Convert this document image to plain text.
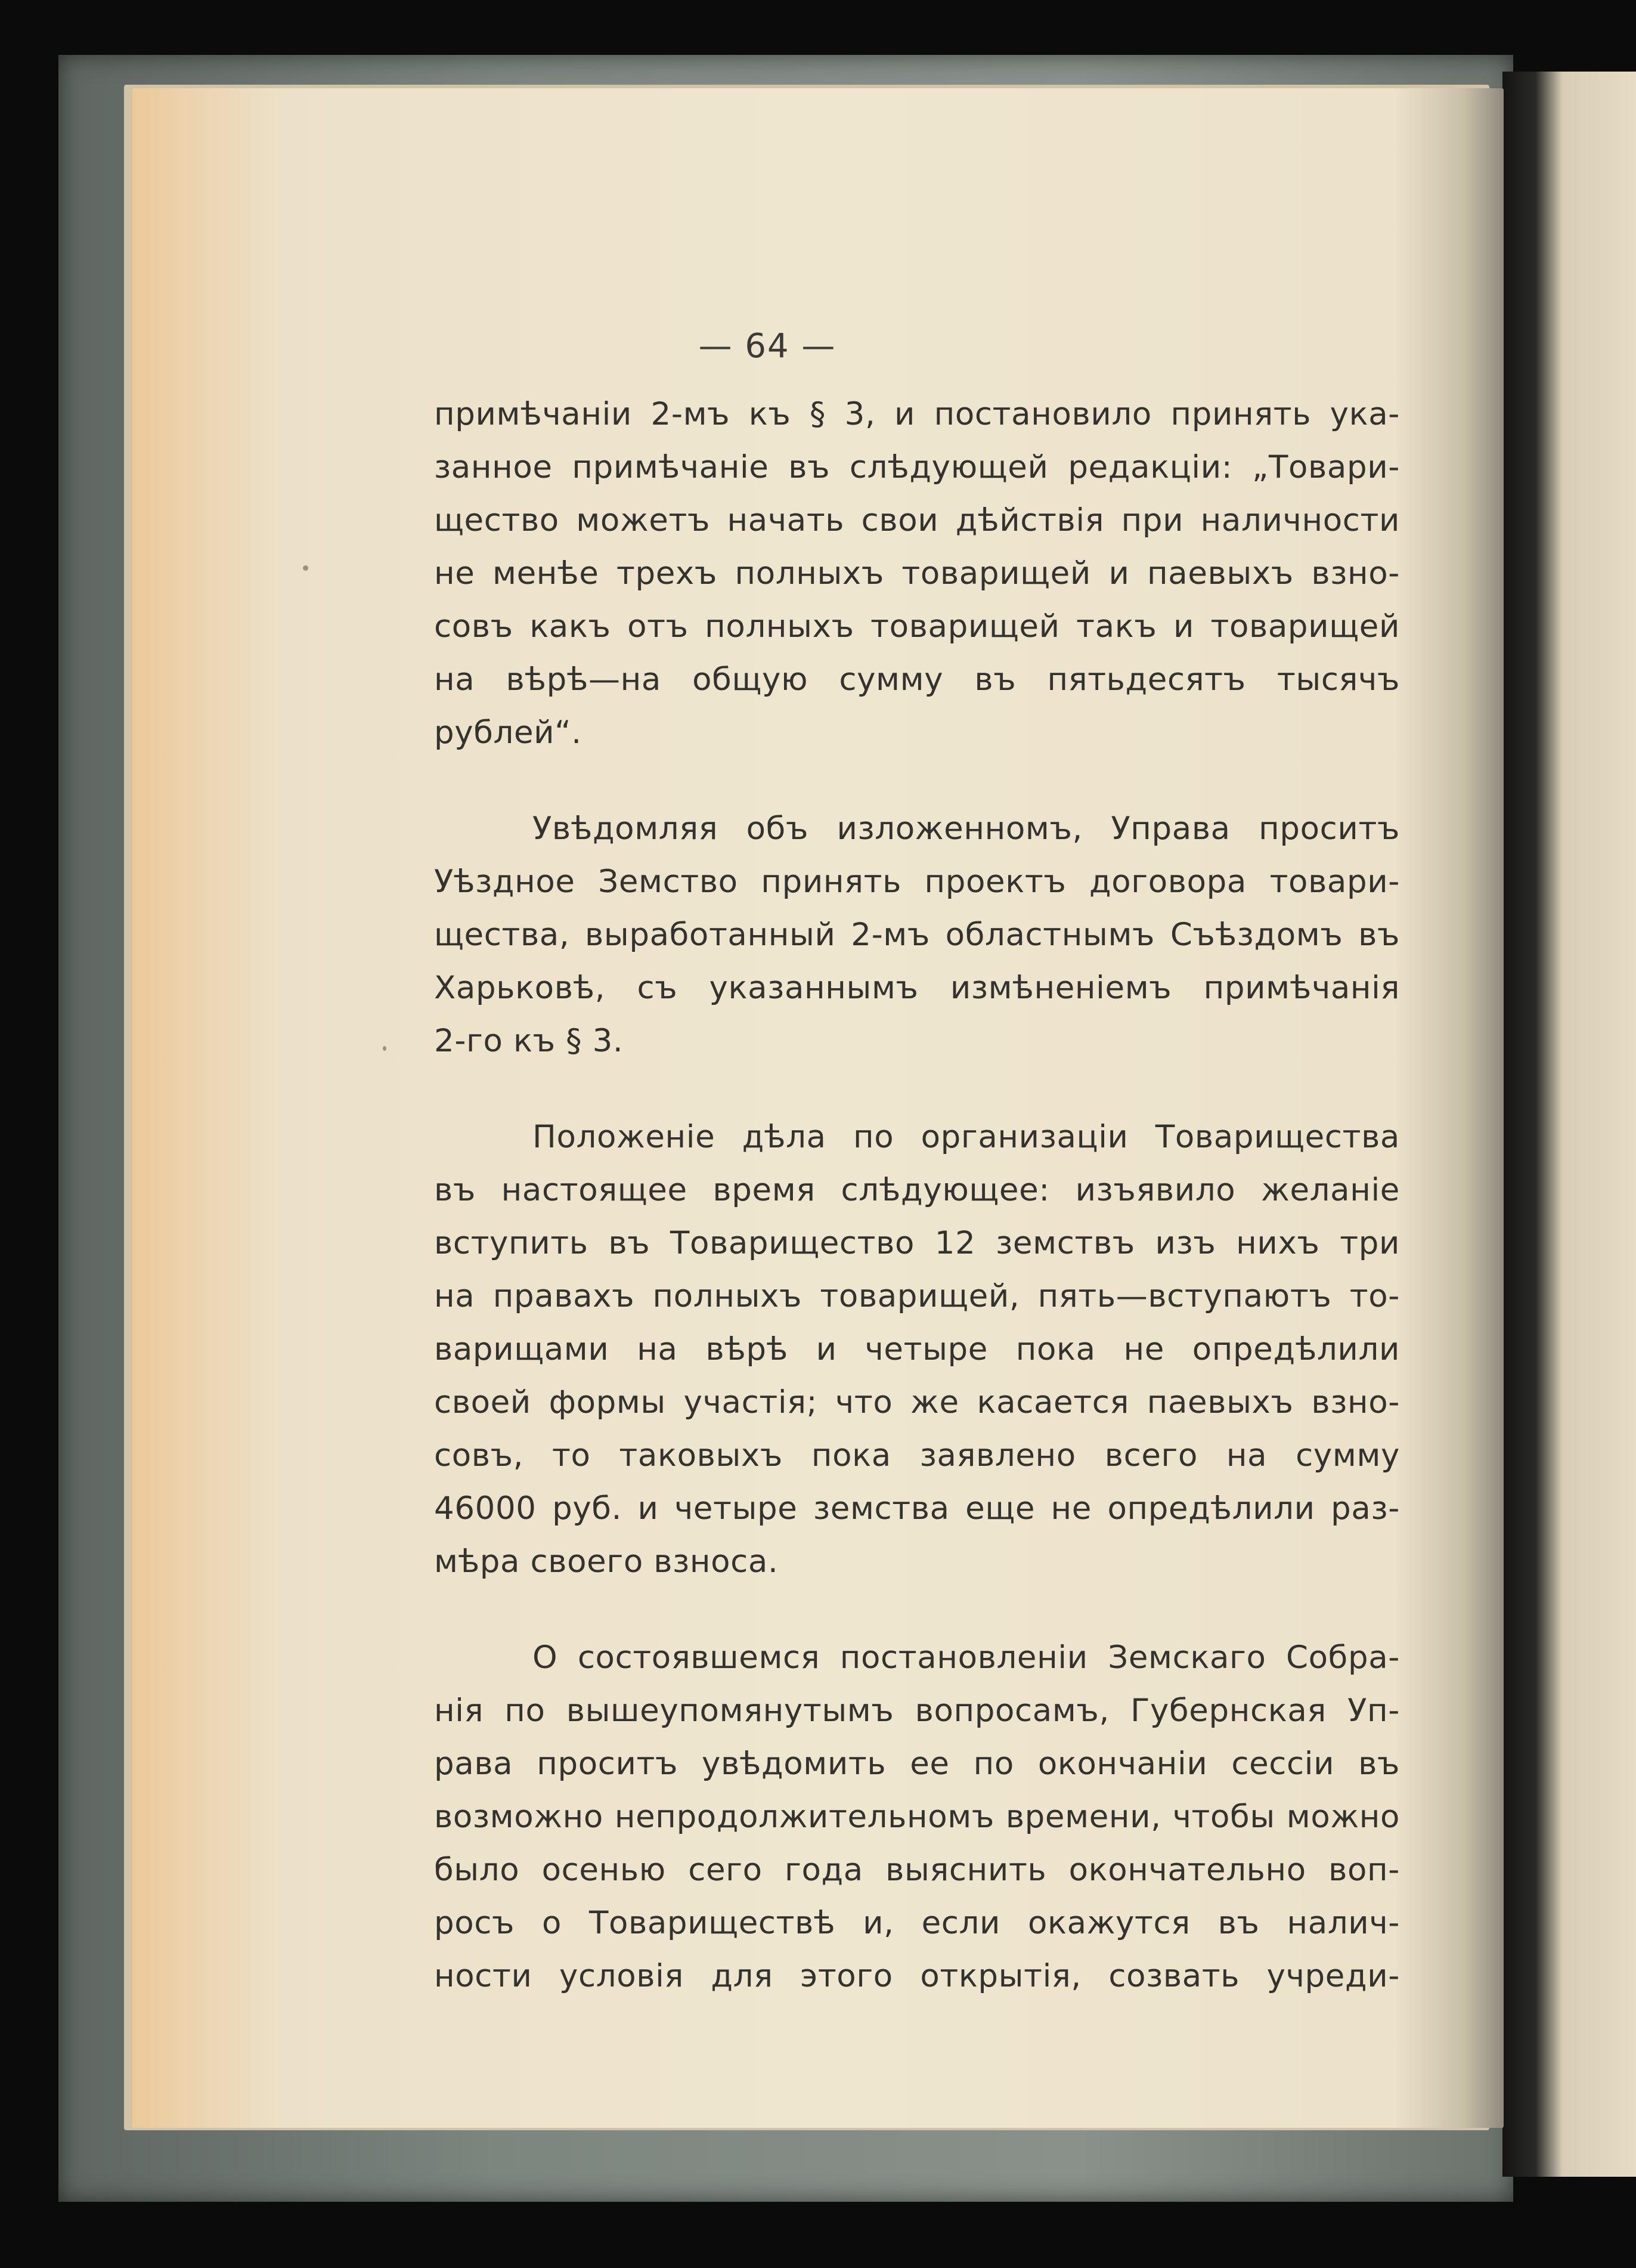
— 64 —
примѣчаніи 2-мъ къ § 3, и постановило принять ука-
занное примѣчаніе въ слѣдующей редакціи: „Товари-
щество можетъ начать свои дѣйствія при наличности
не менѣе трехъ полныхъ товарищей и паевыхъ взно-
совъ какъ отъ полныхъ товарищей такъ и товарищей
на вѣрѣ—на общую сумму въ пятьдесятъ тысячъ
рублей“.
Увѣдомляя объ изложенномъ, Управа проситъ
Уѣздное Земство принять проектъ договора товари-
щества, выработанный 2-мъ областнымъ Съѣздомъ въ
Харьковѣ, съ указаннымъ измѣненіемъ примѣчанія
2-го къ § 3.
Положеніе дѣла по организаціи Товарищества
въ настоящее время слѣдующее: изъявило желаніе
вступить въ Товарищество 12 земствъ изъ нихъ три
на правахъ полныхъ товарищей, пять—вступаютъ то-
варищами на вѣрѣ и четыре пока не опредѣлили
своей формы участія; что же касается паевыхъ взно-
совъ, то таковыхъ пока заявлено всего на сумму
46000 руб. и четыре земства еще не опредѣлили раз-
мѣра своего взноса.
О состоявшемся постановленіи Земскаго Собра-
нія по вышеупомянутымъ вопросамъ, Губернская Уп-
рава проситъ увѣдомить ее по окончаніи сессіи въ
возможно непродолжительномъ времени, чтобы можно
было осенью сего года выяснить окончательно воп-
росъ о Товариществѣ и, если окажутся въ налич-
ности условія для этого открытія, созвать учреди-
